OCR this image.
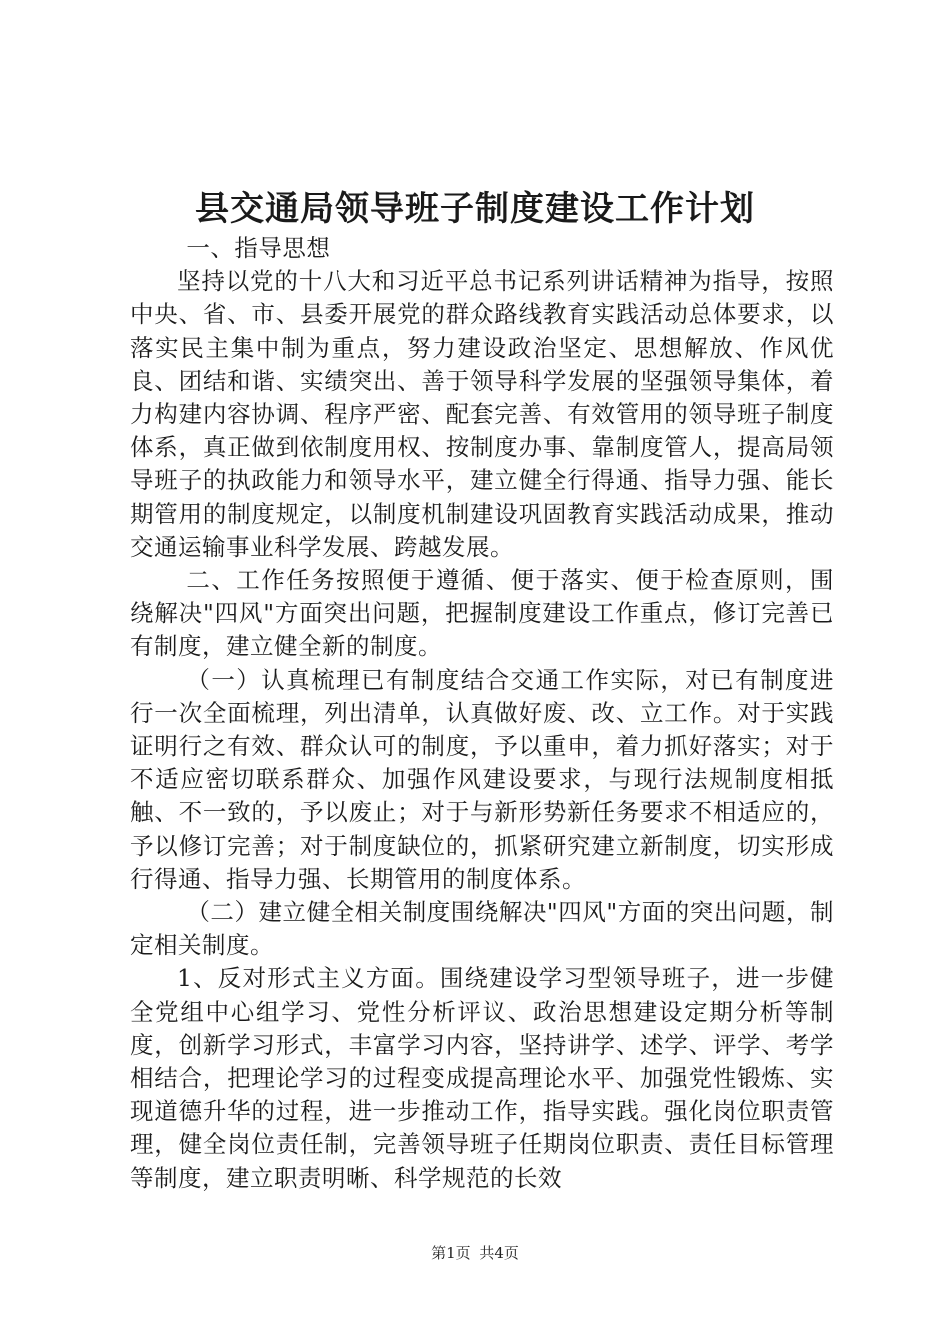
县交通局领导班子制度建设工作计划

一、指导思想

坚持以党的十八大和习近平总书记系列讲话精神为指导，按照中央、省、市、县委开展党的群众路线教育实践活动总体要求，以落实民主集中制为重点，努力建设政治坚定、思想解放、作风优良、团结和谐、实绩突出、善于领导科学发展的坚强领导集体，着力构建内容协调、程序严密、配套完善、有效管用的领导班子制度体系，真正做到依制度用权、按制度办事、靠制度管人，提高局领导班子的执政能力和领导水平，建立健全行得通、指导力强、能长期管用的制度规定，以制度机制建设巩固教育实践活动成果，推动交通运输事业科学发展、跨越发展。

二、工作任务按照便于遵循、便于落实、便于检查原则，围绕解决"四风"方面突出问题，把握制度建设工作重点，修订完善已有制度，建立健全新的制度。

（一）认真梳理已有制度结合交通工作实际，对已有制度进行一次全面梳理，列出清单，认真做好废、改、立工作。对于实践证明行之有效、群众认可的制度，予以重申，着力抓好落实；对于不适应密切联系群众、加强作风建设要求，与现行法规制度相抵触、不一致的，予以废止；对于与新形势新任务要求不相适应的，予以修订完善；对于制度缺位的，抓紧研究建立新制度，切实形成行得通、指导力强、长期管用的制度体系。

（二）建立健全相关制度围绕解决"四风"方面的突出问题，制定相关制度。

1、反对形式主义方面。围绕建设学习型领导班子，进一步健全党组中心组学习、党性分析评议、政治思想建设定期分析等制度，创新学习形式，丰富学习内容，坚持讲学、述学、评学、考学相结合，把理论学习的过程变成提高理论水平、加强党性锻炼、实现道德升华的过程，进一步推动工作，指导实践。强化岗位职责管理，健全岗位责任制，完善领导班子任期岗位职责、责任目标管理等制度，建立职责明晰、科学规范的长效

第1页 共4页
